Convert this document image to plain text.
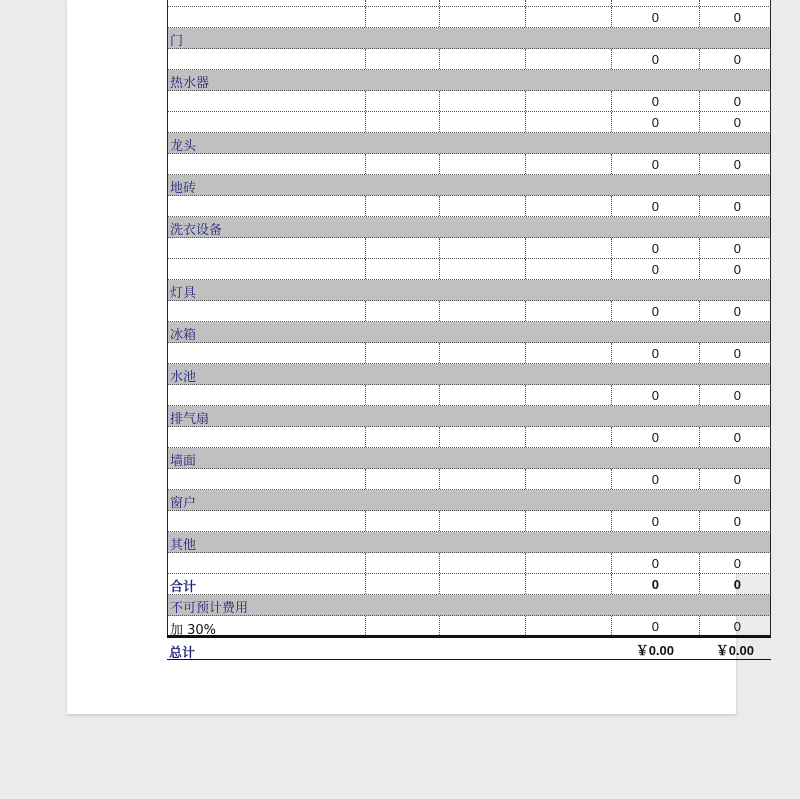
0	0
门
0	0
热水器
0	0
0	0
龙头
0	0
地砖
0	0
洗衣设备
0	0
0	0
灯具
0	0
冰箱
0	0
水池
0	0
排气扇
0	0
墙面
0	0
窗户
0	0
其他
0	0
合计	0	0
不可预计费用
加 30%	0	0
总计	￥0.00	￥0.00
